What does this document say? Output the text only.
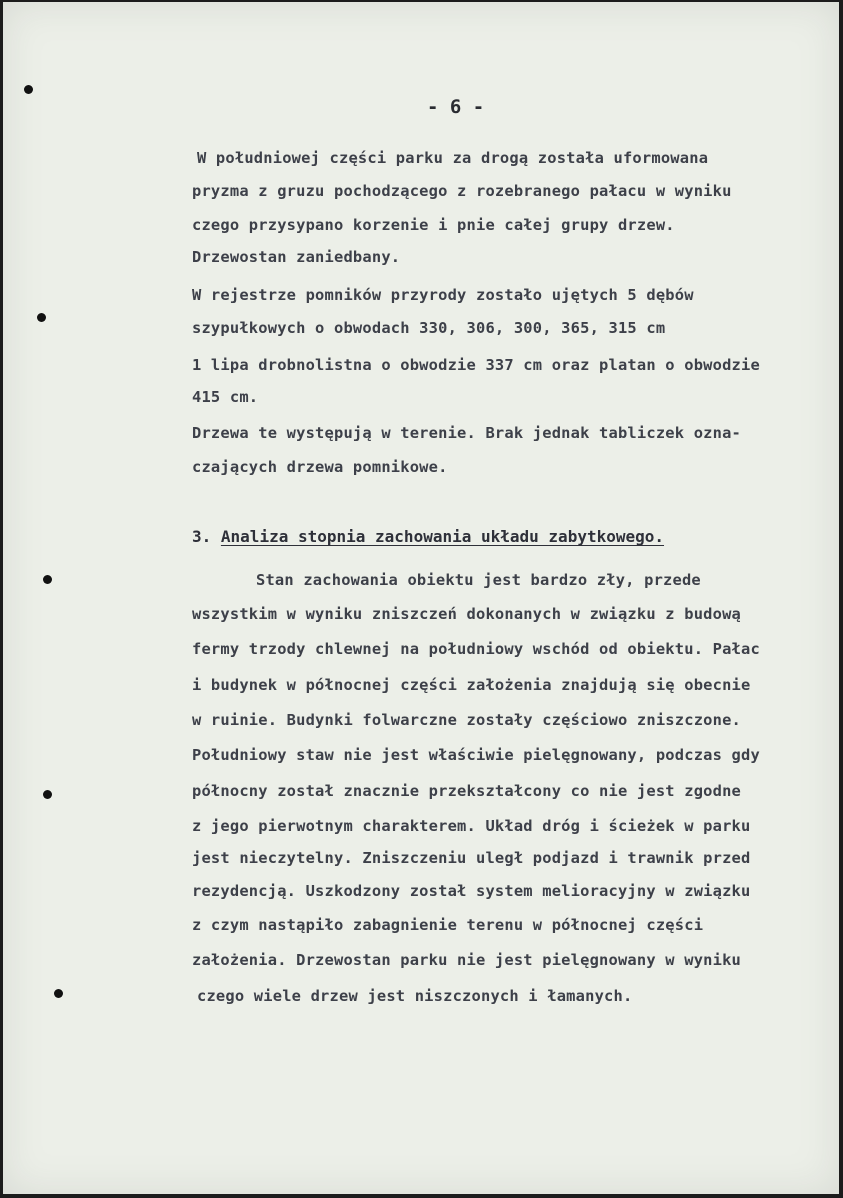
- 6 -
W południowej części parku za drogą została uformowana
pryzma z gruzu pochodzącego z rozebranego pałacu w wyniku
czego przysypano korzenie i pnie całej grupy drzew.
Drzewostan zaniedbany.
W rejestrze pomników przyrody zostało ujętych 5 dębów
szypułkowych o obwodach 330, 306, 300, 365, 315 cm
1 lipa drobnolistna o obwodzie 337 cm oraz platan o obwodzie
415 cm.
Drzewa te występują w terenie. Brak jednak tabliczek ozna-
czających drzewa pomnikowe.
3. Analiza stopnia zachowania układu zabytkowego.
Stan zachowania obiektu jest bardzo zły, przede
wszystkim w wyniku zniszczeń dokonanych w związku z budową
fermy trzody chlewnej na południowy wschód od obiektu. Pałac
i budynek w północnej części założenia znajdują się obecnie
w ruinie. Budynki folwarczne zostały częściowo zniszczone.
Południowy staw nie jest właściwie pielęgnowany, podczas gdy
północny został znacznie przekształcony co nie jest zgodne
z jego pierwotnym charakterem. Układ dróg i ścieżek w parku
jest nieczytelny. Zniszczeniu uległ podjazd i trawnik przed
rezydencją. Uszkodzony został system melioracyjny w związku
z czym nastąpiło zabagnienie terenu w północnej części
założenia. Drzewostan parku nie jest pielęgnowany w wyniku
czego wiele drzew jest niszczonych i łamanych.
